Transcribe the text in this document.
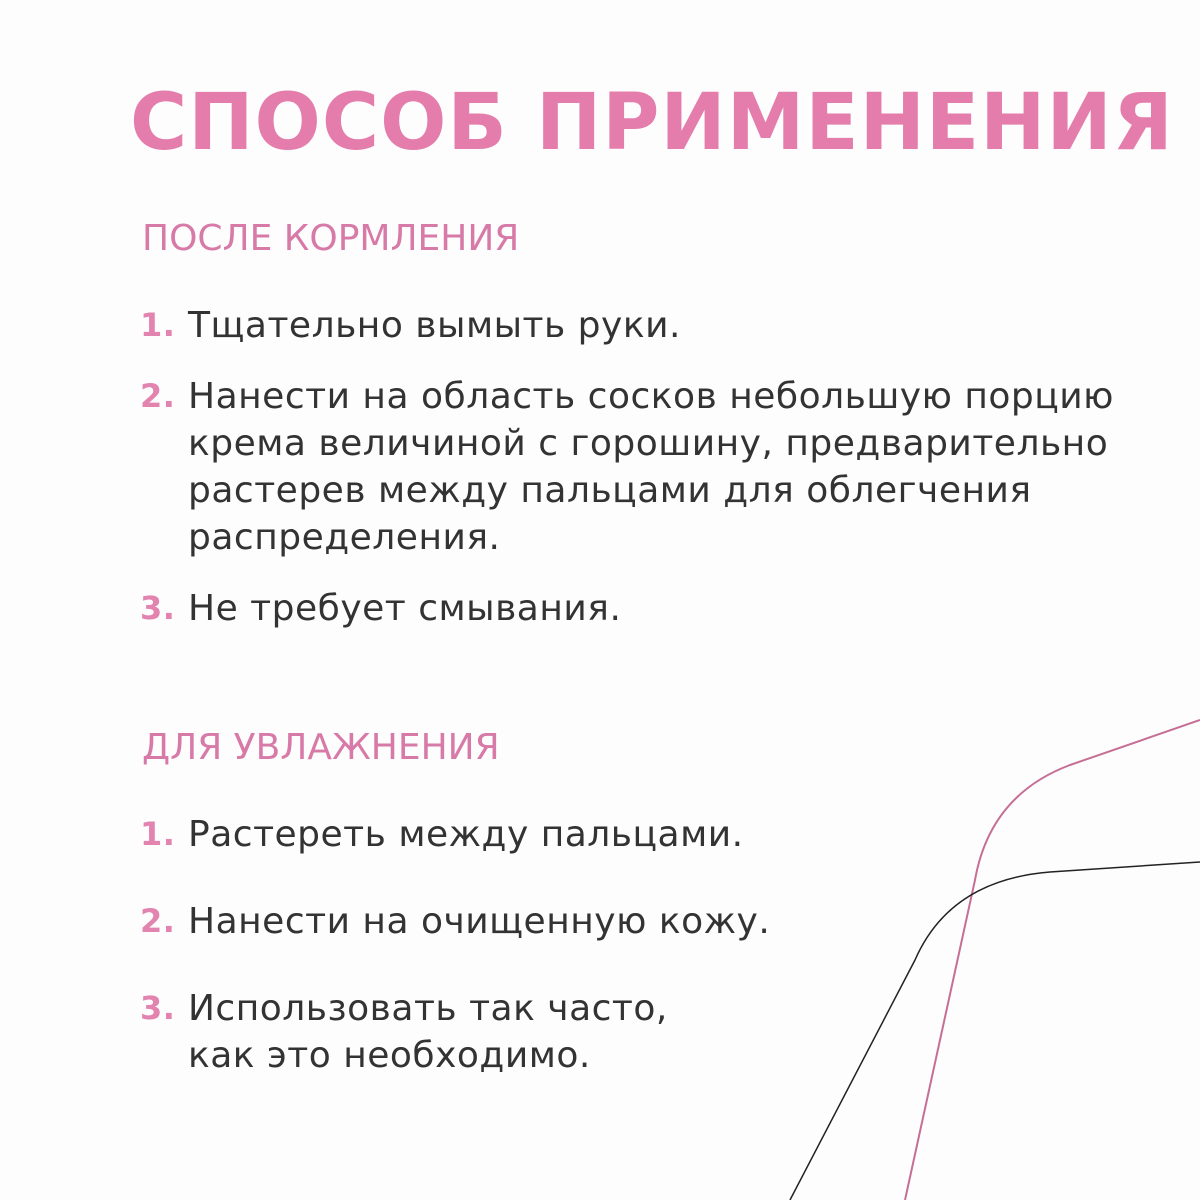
СПОСОБ ПРИМЕНЕНИЯ
ПОСЛЕ КОРМЛЕНИЯ
1. Тщательно вымыть руки.
2. Нанести на область сосков небольшую порцию крема величиной с горошину, предварительно растерев между пальцами для облегчения распределения.
3. Не требует смывания.
ДЛЯ УВЛАЖНЕНИЯ
1. Растереть между пальцами.
2. Нанести на очищенную кожу.
3. Использовать так часто, как это необходимо.
